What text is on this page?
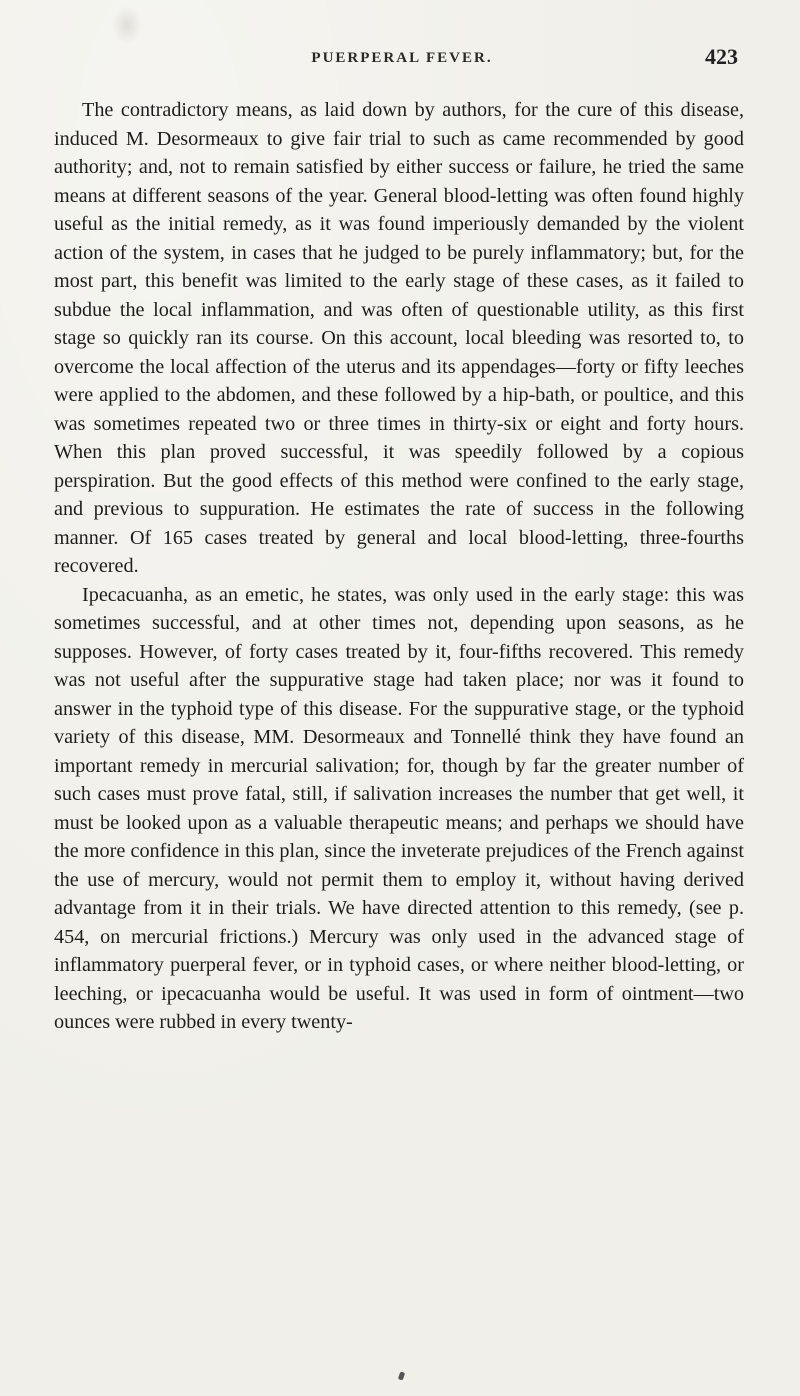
PUERPERAL FEVER.	423

The contradictory means, as laid down by authors, for the cure of this disease, induced M. Desormeaux to give fair trial to such as came recommended by good authority; and, not to remain satisfied by either success or failure, he tried the same means at different seasons of the year. General blood-letting was often found highly useful as the initial remedy, as it was found imperiously demanded by the violent action of the system, in cases that he judged to be purely inflammatory; but, for the most part, this benefit was limited to the early stage of these cases, as it failed to subdue the local inflammation, and was often of questionable utility, as this first stage so quickly ran its course. On this account, local bleeding was resorted to, to overcome the local affection of the uterus and its appendages—forty or fifty leeches were applied to the abdomen, and these followed by a hip-bath, or poultice, and this was sometimes repeated two or three times in thirty-six or eight and forty hours. When this plan proved successful, it was speedily followed by a copious perspiration. But the good effects of this method were confined to the early stage, and previous to suppuration. He estimates the rate of success in the following manner. Of 165 cases treated by general and local blood-letting, three-fourths recovered.

Ipecacuanha, as an emetic, he states, was only used in the early stage: this was sometimes successful, and at other times not, depending upon seasons, as he supposes. However, of forty cases treated by it, four-fifths recovered. This remedy was not useful after the suppurative stage had taken place; nor was it found to answer in the typhoid type of this disease. For the suppurative stage, or the typhoid variety of this disease, MM. Desormeaux and Tonnellé think they have found an important remedy in mercurial salivation; for, though by far the greater number of such cases must prove fatal, still, if salivation increases the number that get well, it must be looked upon as a valuable therapeutic means; and perhaps we should have the more confidence in this plan, since the inveterate prejudices of the French against the use of mercury, would not permit them to employ it, without having derived advantage from it in their trials. We have directed attention to this remedy, (see p. 454, on mercurial frictions.) Mercury was only used in the advanced stage of inflammatory puerperal fever, or in typhoid cases, or where neither blood-letting, or leeching, or ipecacuanha would be useful. It was used in form of ointment—two ounces were rubbed in every twenty-
